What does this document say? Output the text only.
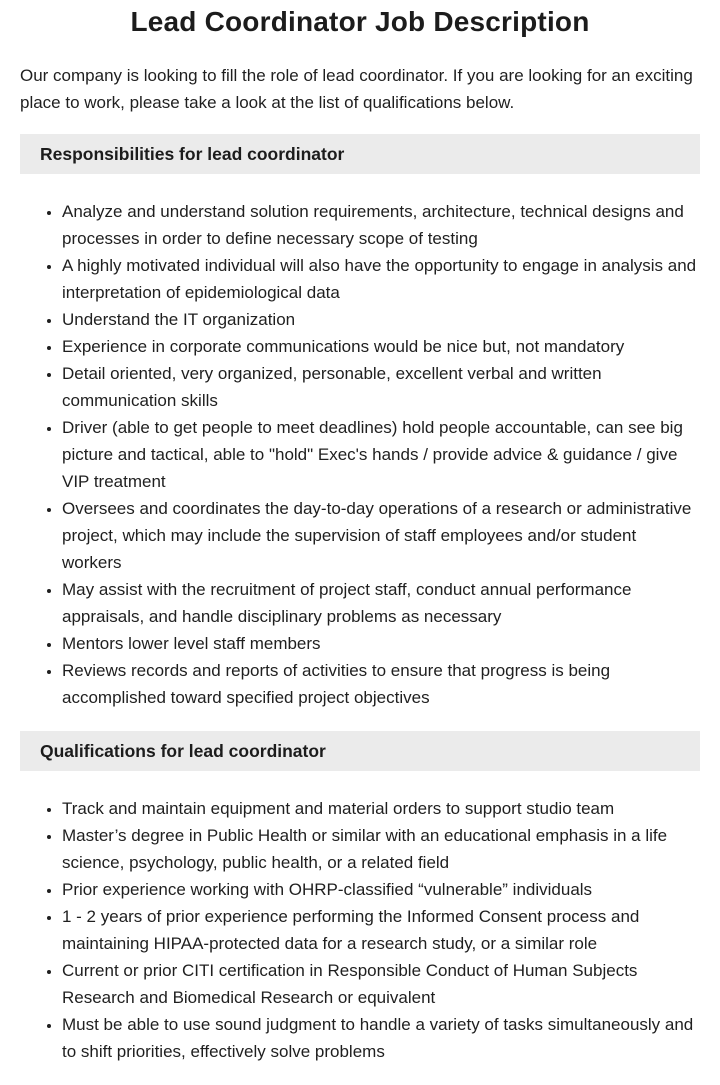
Lead Coordinator Job Description

Our company is looking to fill the role of lead coordinator. If you are looking for an exciting place to work, please take a look at the list of qualifications below.

Responsibilities for lead coordinator
• Analyze and understand solution requirements, architecture, technical designs and processes in order to define necessary scope of testing
• A highly motivated individual will also have the opportunity to engage in analysis and interpretation of epidemiological data
• Understand the IT organization
• Experience in corporate communications would be nice but, not mandatory
• Detail oriented, very organized, personable, excellent verbal and written communication skills
• Driver (able to get people to meet deadlines) hold people accountable, can see big picture and tactical, able to "hold" Exec's hands / provide advice & guidance / give VIP treatment
• Oversees and coordinates the day-to-day operations of a research or administrative project, which may include the supervision of staff employees and/or student workers
• May assist with the recruitment of project staff, conduct annual performance appraisals, and handle disciplinary problems as necessary
• Mentors lower level staff members
• Reviews records and reports of activities to ensure that progress is being accomplished toward specified project objectives
Qualifications for lead coordinator
• Track and maintain equipment and material orders to support studio team
• Master’s degree in Public Health or similar with an educational emphasis in a life science, psychology, public health, or a related field
• Prior experience working with OHRP-classified “vulnerable” individuals
• 1 - 2 years of prior experience performing the Informed Consent process and maintaining HIPAA-protected data for a research study, or a similar role
• Current or prior CITI certification in Responsible Conduct of Human Subjects Research and Biomedical Research or equivalent
• Must be able to use sound judgment to handle a variety of tasks simultaneously and to shift priorities, effectively solve problems
